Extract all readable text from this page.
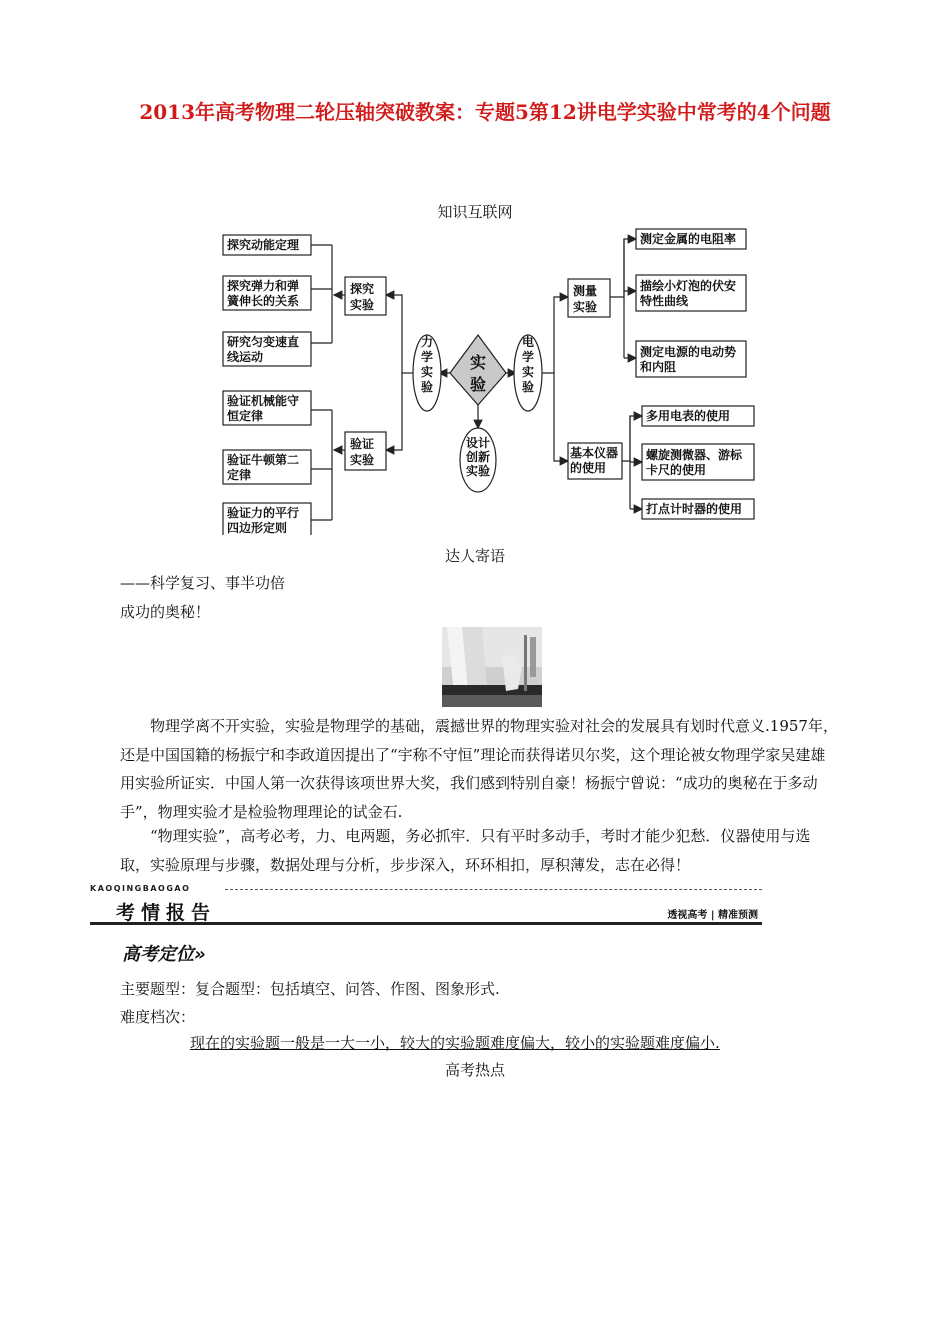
2013年高考物理二轮压轴突破教案：专题5第12讲电学实验中常考的4个问题
知识互联网
探究动能定理
探究弹力和弹
簧伸长的关系
研究匀变速直
线运动
验证机械能守
恒定律
验证牛顿第二
定律
验证力的平行
四边形定则
测定金属的电阻率
描绘小灯泡的伏安
特性曲线
测定电源的电动势
和内阻
多用电表的使用
螺旋测微器、游标
卡尺的使用
打点计时器的使用
探究
实验
验证
实验
测量
实验
基本仪器
的使用
力
学
实
验
电
学
实
验
设计
创新
实验
实
验
达人寄语
——科学复习、事半功倍
成功的奥秘！
物理学离不开实验，实验是物理学的基础，震撼世界的物理实验对社会的发展具有划时代意义.1957年，还是中国国籍的杨振宁和李政道因提出了“宇称不守恒”理论而获得诺贝尔奖，这个理论被女物理学家吴建雄用实验所证实．中国人第一次获得该项世界大奖，我们感到特别自豪！杨振宁曾说：“成功的奥秘在于多动手”，物理实验才是检验物理理论的试金石.
“物理实验”，高考必考，力、电两题，务必抓牢．只有平时多动手，考时才能少犯愁．仪器使用与选取，实验原理与步骤，数据处理与分析，步步深入，环环相扣，厚积薄发，志在必得！
KAOQINGBAOGAO
考情报告	透视高考 | 精准预测
高考定位»
主要题型：复合题型：包括填空、问答、作图、图象形式.
难度档次：
现在的实验题一般是一大一小，较大的实验题难度偏大，较小的实验题难度偏小.
高考热点
